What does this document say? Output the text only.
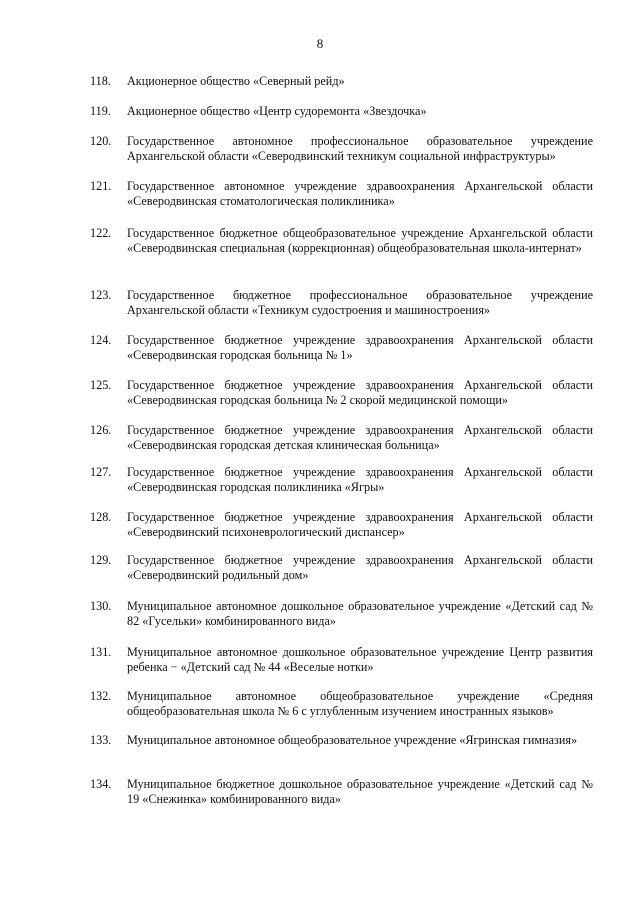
8
118.	Акционерное общество «Северный рейд»
119.	Акционерное общество «Центр судоремонта «Звездочка»
120.	Государственное автономное профессиональное образовательное учреждение Архангельской области «Северодвинский техникум социальной инфраструктуры»
121.	Государственное автономное учреждение здравоохранения Архангельской области «Северодвинская стоматологическая поликлиника»
122.	Государственное бюджетное общеобразовательное учреждение Архангельской области «Северодвинская специальная (коррекционная) общеобразовательная школа-интернат»
123.	Государственное бюджетное профессиональное образовательное учреждение Архангельской области «Техникум судостроения и машиностроения»
124.	Государственное бюджетное учреждение здравоохранения Архангельской области «Северодвинская городская больница № 1»
125.	Государственное бюджетное учреждение здравоохранения Архангельской области «Северодвинская городская больница № 2 скорой медицинской помощи»
126.	Государственное бюджетное учреждение здравоохранения Архангельской области «Северодвинская городская детская клиническая больница»
127.	Государственное бюджетное учреждение здравоохранения Архангельской области «Северодвинская городская поликлиника «Ягры»
128.	Государственное бюджетное учреждение здравоохранения Архангельской области «Северодвинский психоневрологический диспансер»
129.	Государственное бюджетное учреждение здравоохранения Архангельской области «Северодвинский родильный дом»
130.	Муниципальное автономное дошкольное образовательное учреждение «Детский сад № 82 «Гусельки» комбинированного вида»
131.	Муниципальное автономное дошкольное образовательное учреждение Центр развития ребенка − «Детский сад № 44 «Веселые нотки»
132.	Муниципальное автономное общеобразовательное учреждение «Средняя общеобразовательная школа № 6 с углубленным изучением иностранных языков»
133.	Муниципальное автономное общеобразовательное учреждение «Ягринская гимназия»
134.	Муниципальное бюджетное дошкольное образовательное учреждение «Детский сад № 19 «Снежинка» комбинированного вида»
